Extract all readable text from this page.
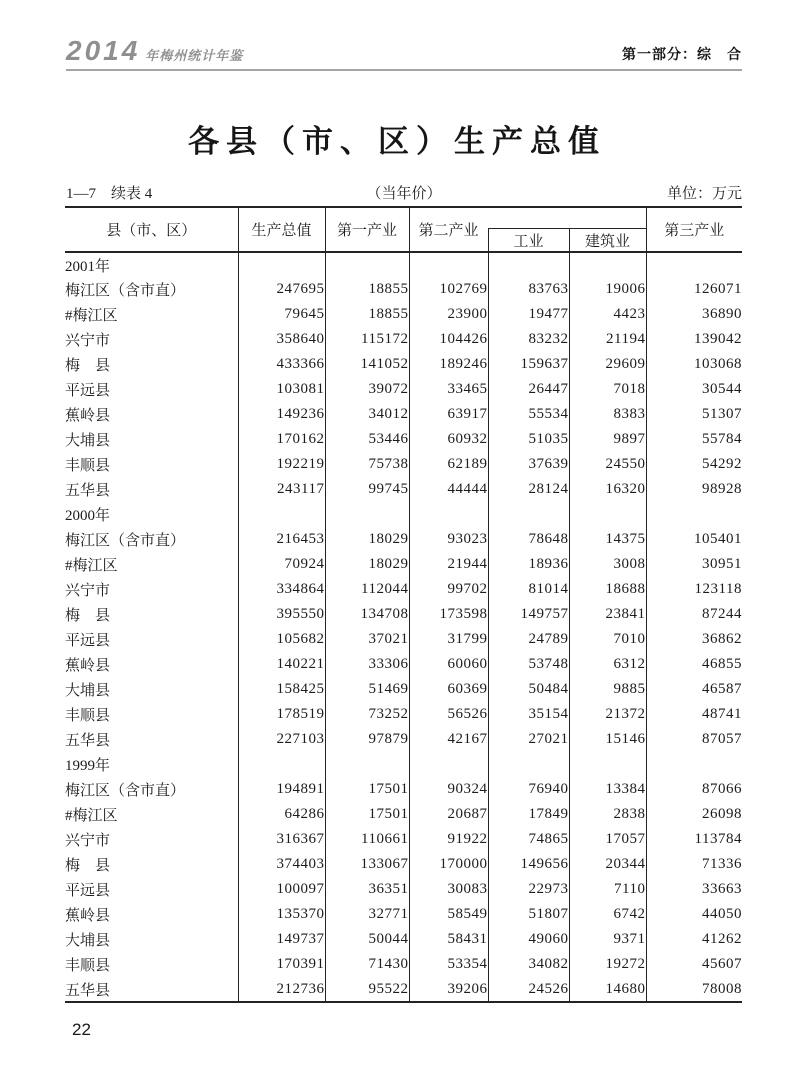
2014 年梅州统计年鉴	第一部分：综　合
各县（市、区）生产总值
1—7　续表 4	（当年价）	单位：万元
县（市、区）	生产总值	第一产业	第二产业			第三产业
				工业	建筑业	
2001年						
梅江区（含市直）	247695	18855	102769	83763	19006	126071
#梅江区	79645	18855	23900	19477	4423	36890
兴宁市	358640	115172	104426	83232	21194	139042
梅　县	433366	141052	189246	159637	29609	103068
平远县	103081	39072	33465	26447	7018	30544
蕉岭县	149236	34012	63917	55534	8383	51307
大埔县	170162	53446	60932	51035	9897	55784
丰顺县	192219	75738	62189	37639	24550	54292
五华县	243117	99745	44444	28124	16320	98928
2000年						
梅江区（含市直）	216453	18029	93023	78648	14375	105401
#梅江区	70924	18029	21944	18936	3008	30951
兴宁市	334864	112044	99702	81014	18688	123118
梅　县	395550	134708	173598	149757	23841	87244
平远县	105682	37021	31799	24789	7010	36862
蕉岭县	140221	33306	60060	53748	6312	46855
大埔县	158425	51469	60369	50484	9885	46587
丰顺县	178519	73252	56526	35154	21372	48741
五华县	227103	97879	42167	27021	15146	87057
1999年						
梅江区（含市直）	194891	17501	90324	76940	13384	87066
#梅江区	64286	17501	20687	17849	2838	26098
兴宁市	316367	110661	91922	74865	17057	113784
梅　县	374403	133067	170000	149656	20344	71336
平远县	100097	36351	30083	22973	7110	33663
蕉岭县	135370	32771	58549	51807	6742	44050
大埔县	149737	50044	58431	49060	9371	41262
丰顺县	170391	71430	53354	34082	19272	45607
五华县	212736	95522	39206	24526	14680	78008
22
